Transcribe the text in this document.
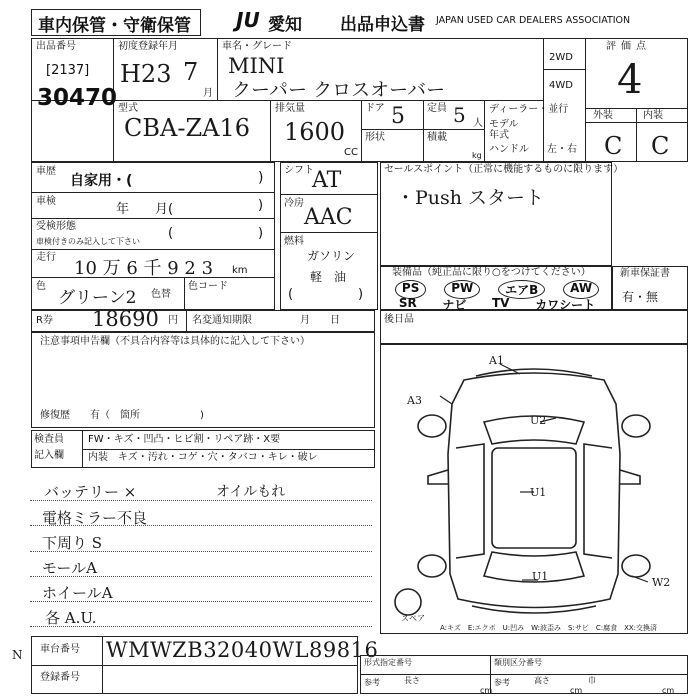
車内保管・守衛保管 JU 愛知 出品申込書 JAPAN USED CAR DEALERS ASSOCIATION
出品番号
[2137]
30470
初度登録年月
H23 7
月
車名・グレード
MINI
クーパー クロスオーバー
2WD
4WD
評価点
4
外装	内装
C C
型式
CBA-ZA16
排気量
1600
CC
ドア 5 定員 5 人
形状	積載
kg
ディーラー・並行
モデル
年式
ハンドル 左・右
車歴
自家用・(	)
車検
年　　月(	)
受検形態
車検付きのみ記入して下さい
(	)
走行
10 万 6 千 9 2 3 km
色
グリーン2 色替
色コード
シフト
AT
冷房
AAC
燃料
ガソリン
軽　油
(	)
セールスポイント（正常に機能するものに限ります）
・Push スタート
装備品（純正品に限り○をつけてください）
PS	PW	エアB	AW
SR ナビ TV カワシート
新車保証書
有・無
R券 18690 円 名変通知期限	月　　日	後日品
注意事項申告欄（不具合内容等は具体的に記入して下さい）
修復歴　　有（　箇所	)
検査員
記入欄
FW・キズ・凹凸・ヒビ割・リペア跡・X要
内装　キズ・汚れ・コゲ・穴・タバコ・キレ・破レ
バッテリー ×
電格ミラー不良
下周り S
モールA
ホイールA
各 A.U.
オイルもれ
A1
A3
U2
U1
U1	W2
スペア
A:キズ　E:エクボ　U:凹み　W:波歪み　S:サビ　C:腐食　XX:交換済
車台番号 WMWZB32040WL89816
登録番号
N
形式指定番号	類別区分番号
参考	参考
長さ
cm
高さ
cm
巾
cm
